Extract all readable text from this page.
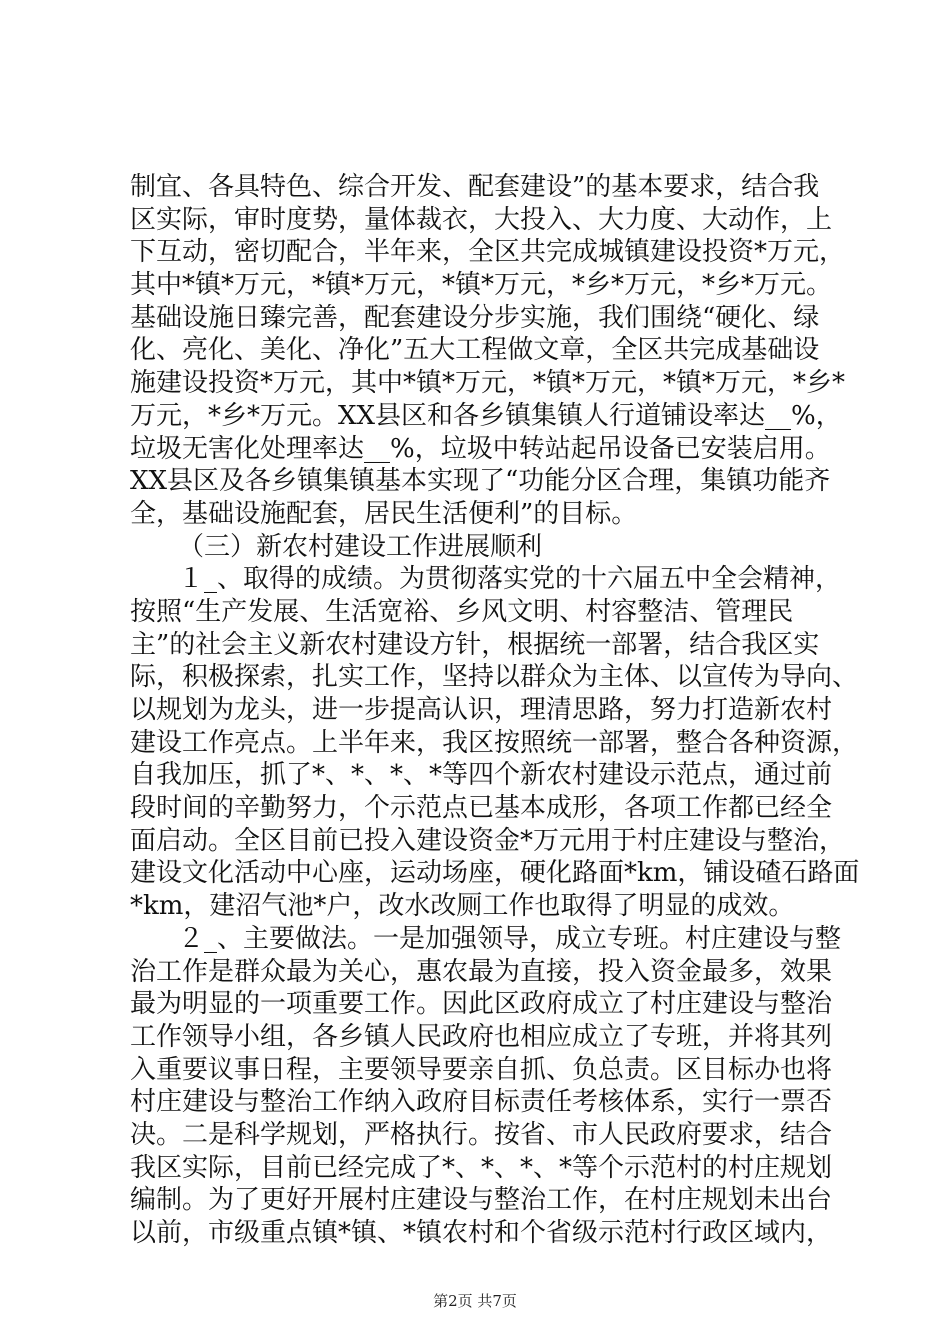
制宜、各具特色、综合开发、配套建设”的基本要求，结合我
区实际，审时度势，量体裁衣，大投入、大力度、大动作，上
下互动，密切配合，半年来，全区共完成城镇建设投资*万元，
其中*镇*万元，*镇*万元，*镇*万元，*乡*万元，*乡*万元。
基础设施日臻完善，配套建设分步实施，我们围绕“硬化、绿
化、亮化、美化、净化”五大工程做文章，全区共完成基础设
施建设投资*万元，其中*镇*万元，*镇*万元，*镇*万元，*乡*
万元，*乡*万元。XX县区和各乡镇集镇人行道铺设率达__%，
垃圾无害化处理率达__%，垃圾中转站起吊设备已安装启用。
XX县区及各乡镇集镇基本实现了“功能分区合理，集镇功能齐
全，基础设施配套，居民生活便利”的目标。
（三）新农村建设工作进展顺利
１_、取得的成绩。为贯彻落实党的十六届五中全会精神，
按照“生产发展、生活宽裕、乡风文明、村容整洁、管理民
主”的社会主义新农村建设方针，根据统一部署，结合我区实
际，积极探索，扎实工作，坚持以群众为主体、以宣传为导向、
以规划为龙头，进一步提高认识，理清思路，努力打造新农村
建设工作亮点。上半年来，我区按照统一部署，整合各种资源，
自我加压，抓了*、*、*、*等四个新农村建设示范点，通过前
段时间的辛勤努力，个示范点已基本成形，各项工作都已经全
面启动。全区目前已投入建设资金*万元用于村庄建设与整治，
建设文化活动中心座，运动场座，硬化路面*km，铺设碴石路面
*km，建沼气池*户，改水改厕工作也取得了明显的成效。
２_、主要做法。一是加强领导，成立专班。村庄建设与整
治工作是群众最为关心，惠农最为直接，投入资金最多，效果
最为明显的一项重要工作。因此区政府成立了村庄建设与整治
工作领导小组，各乡镇人民政府也相应成立了专班，并将其列
入重要议事日程，主要领导要亲自抓、负总责。区目标办也将
村庄建设与整治工作纳入政府目标责任考核体系，实行一票否
决。二是科学规划，严格执行。按省、市人民政府要求，结合
我区实际，目前已经完成了*、*、*、*等个示范村的村庄规划
编制。为了更好开展村庄建设与整治工作，在村庄规划未出台
以前，市级重点镇*镇、*镇农村和个省级示范村行政区域内，
第2页 共7页
